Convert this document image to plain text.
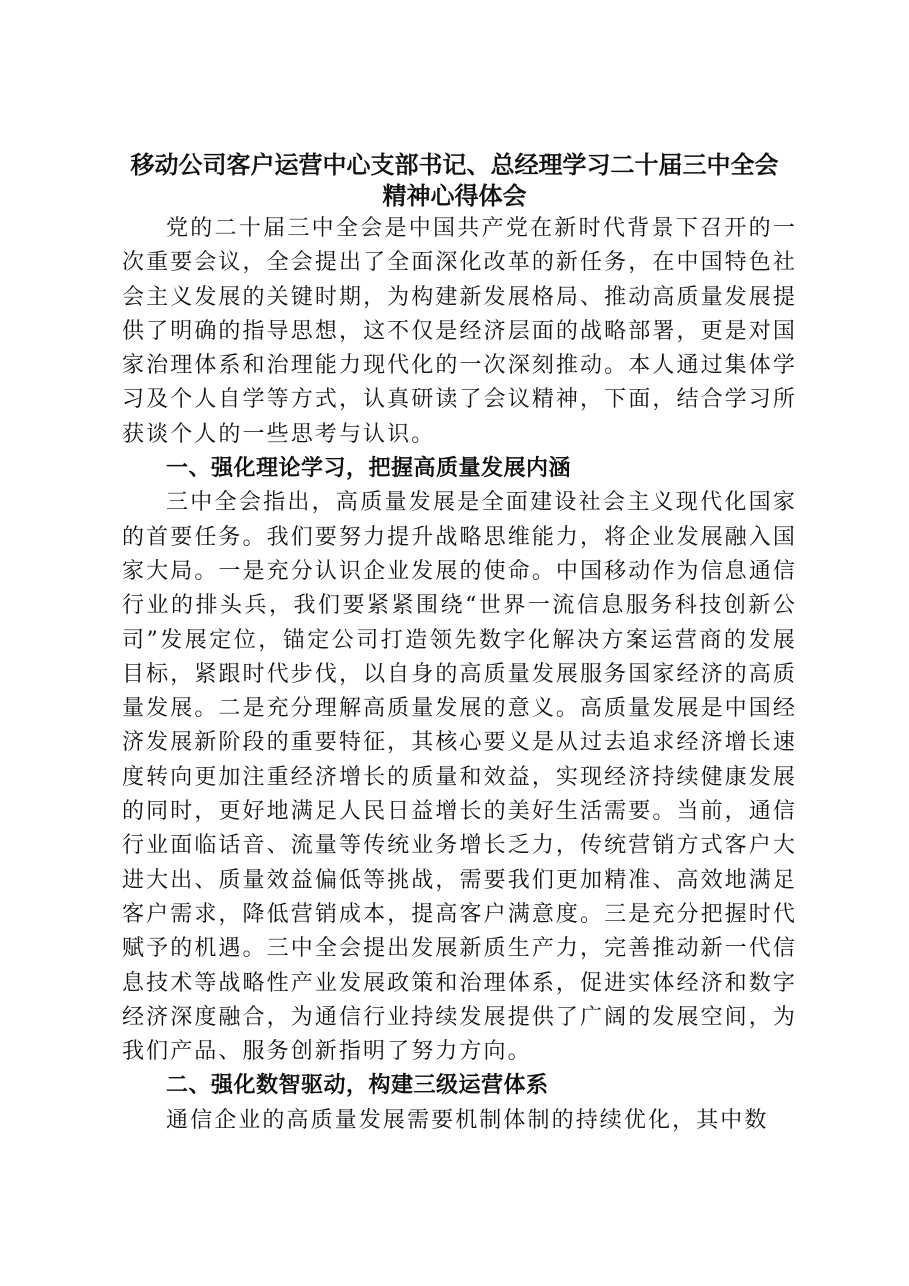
移动公司客户运营中心支部书记、总经理学习二十届三中全会
精神心得体会

党的二十届三中全会是中国共产党在新时代背景下召开的一次重要会议，全会提出了全面深化改革的新任务，在中国特色社会主义发展的关键时期，为构建新发展格局、推动高质量发展提供了明确的指导思想，这不仅是经济层面的战略部署，更是对国家治理体系和治理能力现代化的一次深刻推动。本人通过集体学习及个人自学等方式，认真研读了会议精神，下面，结合学习所获谈个人的一些思考与认识。

一、强化理论学习，把握高质量发展内涵

三中全会指出，高质量发展是全面建设社会主义现代化国家的首要任务。我们要努力提升战略思维能力，将企业发展融入国家大局。一是充分认识企业发展的使命。中国移动作为信息通信行业的排头兵，我们要紧紧围绕“世界一流信息服务科技创新公司”发展定位，锚定公司打造领先数字化解决方案运营商的发展目标，紧跟时代步伐，以自身的高质量发展服务国家经济的高质量发展。二是充分理解高质量发展的意义。高质量发展是中国经济发展新阶段的重要特征，其核心要义是从过去追求经济增长速度转向更加注重经济增长的质量和效益，实现经济持续健康发展的同时，更好地满足人民日益增长的美好生活需要。当前，通信行业面临话音、流量等传统业务增长乏力，传统营销方式客户大进大出、质量效益偏低等挑战，需要我们更加精准、高效地满足客户需求，降低营销成本，提高客户满意度。三是充分把握时代赋予的机遇。三中全会提出发展新质生产力，完善推动新一代信息技术等战略性产业发展政策和治理体系，促进实体经济和数字经济深度融合，为通信行业持续发展提供了广阔的发展空间，为我们产品、服务创新指明了努力方向。

二、强化数智驱动，构建三级运营体系

通信企业的高质量发展需要机制体制的持续优化，其中数
